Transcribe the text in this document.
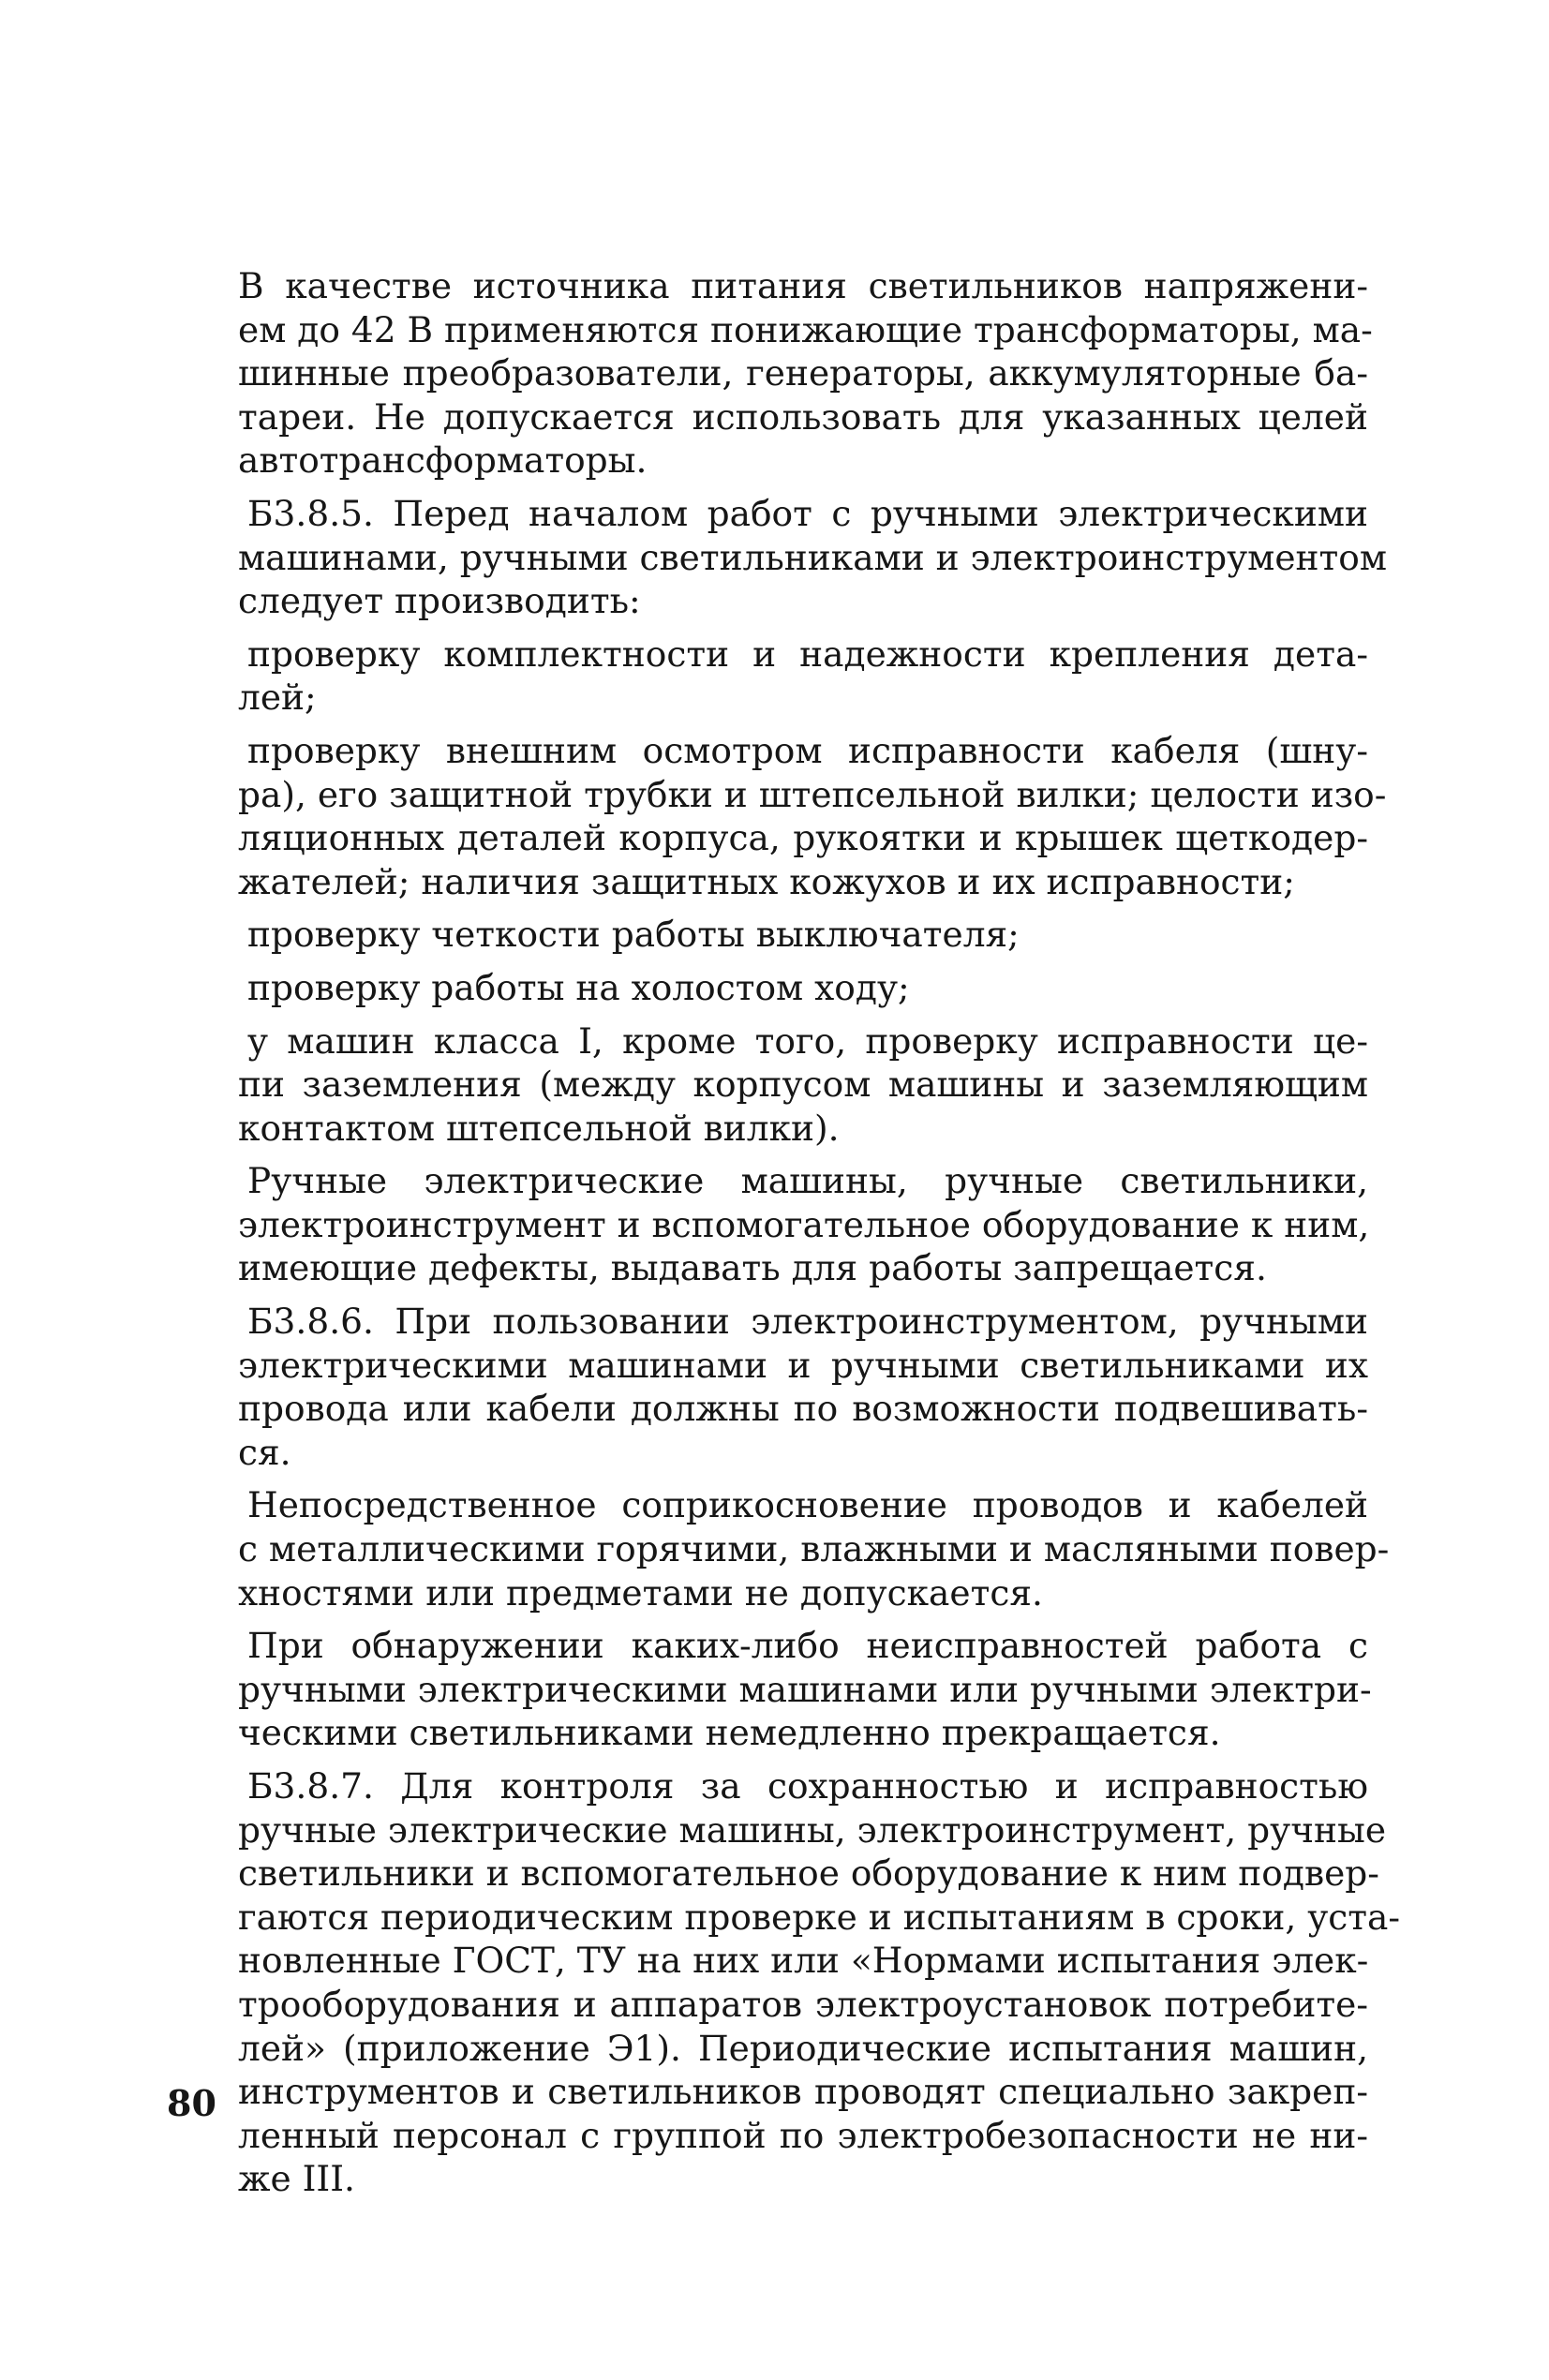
В качестве источника питания светильников напряжени-
ем до 42 В применяются понижающие трансформаторы, ма-
шинные преобразователи, генераторы, аккумуляторные ба-
тареи. Не допускается использовать для указанных целей
автотрансформаторы.
Б3.8.5. Перед началом работ с ручными электрическими
машинами, ручными светильниками и электроинструментом
следует производить:
проверку комплектности и надежности крепления дета-
лей;
проверку внешним осмотром исправности кабеля (шну-
ра), его защитной трубки и штепсельной вилки; целости изо-
ляционных деталей корпуса, рукоятки и крышек щеткодер-
жателей; наличия защитных кожухов и их исправности;
проверку четкости работы выключателя;
проверку работы на холостом ходу;
у машин класса I, кроме того, проверку исправности це-
пи заземления (между корпусом машины и заземляющим
контактом штепсельной вилки).
Ручные электрические машины, ручные светильники,
электроинструмент и вспомогательное оборудование к ним,
имеющие дефекты, выдавать для работы запрещается.
Б3.8.6. При пользовании электроинструментом, ручными
электрическими машинами и ручными светильниками их
провода или кабели должны по возможности подвешивать-
ся.
Непосредственное соприкосновение проводов и кабелей
с металлическими горячими, влажными и масляными повер-
хностями или предметами не допускается.
При обнаружении каких-либо неисправностей работа с
ручными электрическими машинами или ручными электри-
ческими светильниками немедленно прекращается.
Б3.8.7. Для контроля за сохранностью и исправностью
ручные электрические машины, электроинструмент, ручные
светильники и вспомогательное оборудование к ним подвер-
гаются периодическим проверке и испытаниям в сроки, уста-
новленные ГОСТ, ТУ на них или «Нормами испытания элек-
трооборудования и аппаратов электроустановок потребите-
лей» (приложение Э1). Периодические испытания машин,
инструментов и светильников проводят специально закреп-
ленный персонал с группой по электробезопасности не ни-
же III.
80
